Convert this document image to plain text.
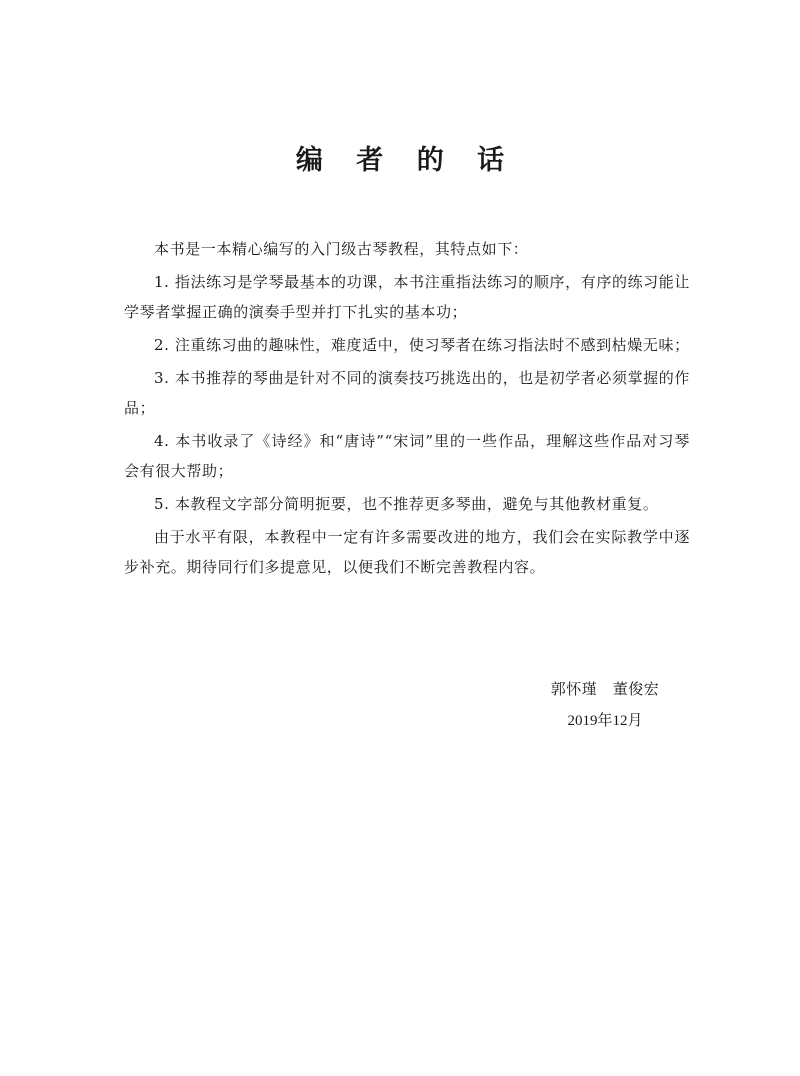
编 者 的 话

本书是一本精心编写的入门级古琴教程，其特点如下：

1. 指法练习是学琴最基本的功课，本书注重指法练习的顺序，有序的练习能让学琴者掌握正确的演奏手型并打下扎实的基本功；

2. 注重练习曲的趣味性，难度适中，使习琴者在练习指法时不感到枯燥无味；

3. 本书推荐的琴曲是针对不同的演奏技巧挑选出的，也是初学者必须掌握的作品；

4. 本书收录了《诗经》和“唐诗”“宋词”里的一些作品，理解这些作品对习琴会有很大帮助；

5. 本教程文字部分简明扼要，也不推荐更多琴曲，避免与其他教材重复。

由于水平有限，本教程中一定有许多需要改进的地方，我们会在实际教学中逐步补充。期待同行们多提意见，以便我们不断完善教程内容。

郭怀瑾　董俊宏
2019年12月
